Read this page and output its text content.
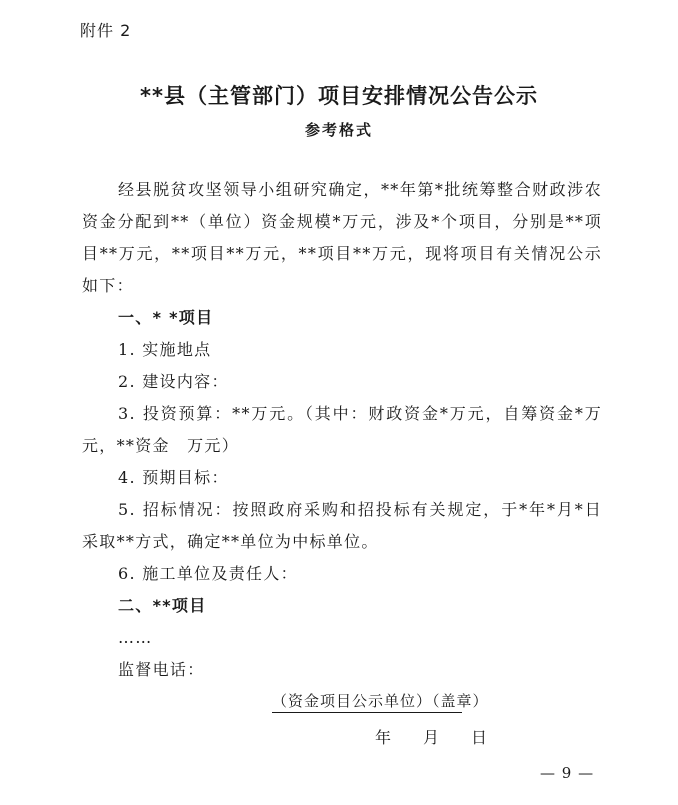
附件 2
**县（主管部门）项目安排情况公告公示
参考格式

经县脱贫攻坚领导小组研究确定，**年第*批统筹整合财政涉农资金分配到**（单位）资金规模*万元，涉及*个项目，分别是**项目**万元，**项目**万元，**项目**万元，现将项目有关情况公示如下：

一、* *项目

1. 实施地点

2. 建设内容：

3. 投资预算：**万元。（其中：财政资金*万元，自筹资金*万元，**资金　万元）

4. 预期目标：

5. 招标情况：按照政府采购和招投标有关规定，于*年*月*日采取**方式，确定**单位为中标单位。

6. 施工单位及责任人：

二、**项目

……

监督电话：

（资金项目公示单位）（盖章）
年　　月　　日
— 9 —
